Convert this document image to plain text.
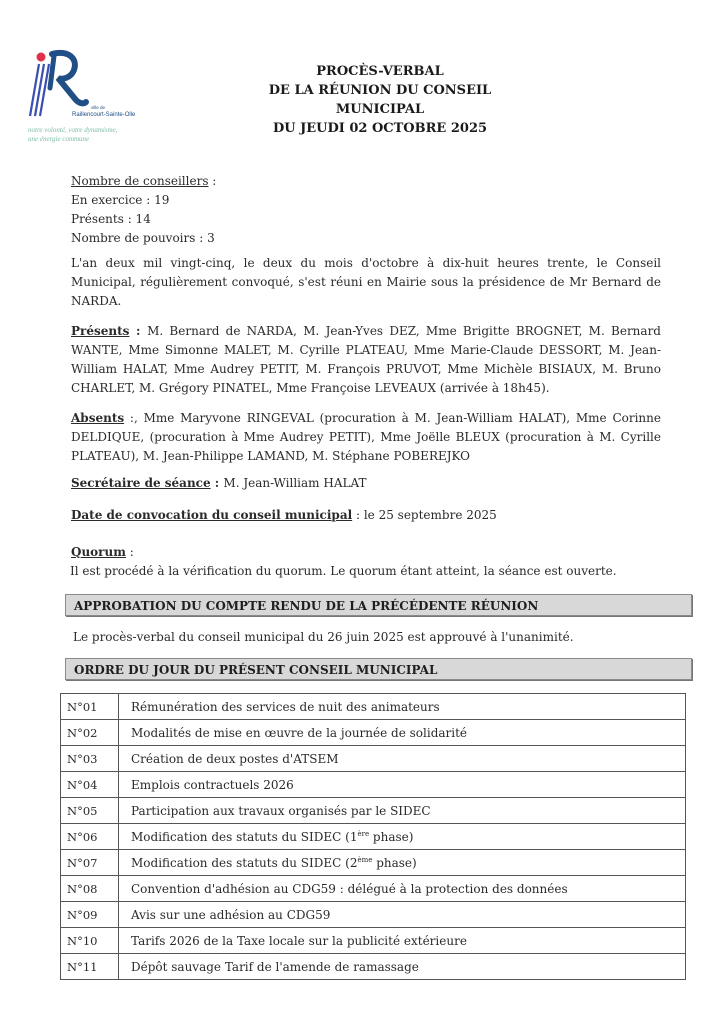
ville de
Raillencourt-Sainte-Olle
notre volonté, votre dynamisme,
une énergie commune
PROCÈS-VERBAL
DE LA RÉUNION DU CONSEIL MUNICIPAL
DU JEUDI 02 OCTOBRE 2025
Nombre de conseillers :
En exercice : 19
Présents : 14
Nombre de pouvoirs : 3
L'an deux mil vingt-cinq, le deux du mois d'octobre à dix-huit heures trente, le Conseil Municipal, régulièrement convoqué, s'est réuni en Mairie sous la présidence de Mr Bernard de NARDA.
Présents : M. Bernard de NARDA, M. Jean-Yves DEZ, Mme Brigitte BROGNET, M. Bernard WANTE, Mme Simonne MALET, M. Cyrille PLATEAU, Mme Marie-Claude DESSORT, M. Jean-William HALAT, Mme Audrey PETIT, M. François PRUVOT, Mme Michèle BISIAUX, M. Bruno CHARLET, M. Grégory PINATEL, Mme Françoise LEVEAUX (arrivée à 18h45).
Absents :, Mme Maryvone RINGEVAL (procuration à M. Jean-William HALAT), Mme Corinne DELDIQUE, (procuration à Mme Audrey PETIT), Mme Joëlle BLEUX (procuration à M. Cyrille PLATEAU), M. Jean-Philippe LAMAND, M. Stéphane POBEREJKO
Secrétaire de séance : M. Jean-William HALAT
Date de convocation du conseil municipal : le 25 septembre 2025
Quorum :
Il est procédé à la vérification du quorum. Le quorum étant atteint, la séance est ouverte.
APPROBATION DU COMPTE RENDU DE LA PRÉCÉDENTE RÉUNION
Le procès-verbal du conseil municipal du 26 juin 2025 est approuvé à l'unanimité.
ORDRE DU JOUR DU PRÉSENT CONSEIL MUNICIPAL
N°01	Rémunération des services de nuit des animateurs
N°02	Modalités de mise en œuvre de la journée de solidarité
N°03	Création de deux postes d'ATSEM
N°04	Emplois contractuels 2026
N°05	Participation aux travaux organisés par le SIDEC
N°06	Modification des statuts du SIDEC (1ère phase)
N°07	Modification des statuts du SIDEC (2ème phase)
N°08	Convention d'adhésion au CDG59 : délégué à la protection des données
N°09	Avis sur une adhésion au CDG59
N°10	Tarifs 2026 de la Taxe locale sur la publicité extérieure
N°11	Dépôt sauvage Tarif de l'amende de ramassage
